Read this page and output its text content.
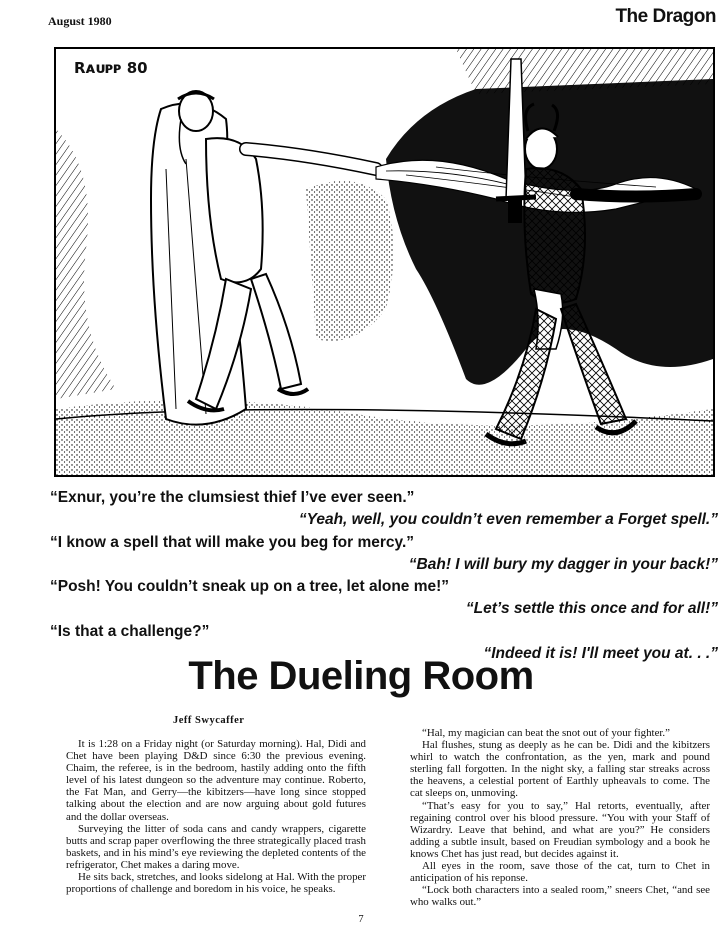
August 1980	The Dragon
Rᴀᴜᴘᴘ 80
“Exnur, you’re the clumsiest thief I’ve ever seen.”
“Yeah, well, you couldn’t even remember a Forget spell.”
“I know a spell that will make you beg for mercy.”
“Bah! I will bury my dagger in your back!”
“Posh! You couldn’t sneak up on a tree, let alone me!”
“Let’s settle this once and for all!”
“Is that a challenge?”
“Indeed it is! I'll meet you at. . .”
The Dueling Room
Jeff Swycaffer

It is 1:28 on a Friday night (or Saturday morning). Hal, Didi and Chet have been playing D&D since 6:30 the previous evening. Chaim, the referee, is in the bedroom, hastily adding onto the fifth level of his latest dungeon so the adventure may continue. Roberto, the Fat Man, and Gerry—the kibitzers—have long since stopped talking about the election and are now arguing about gold futures and the dollar overseas.

Surveying the litter of soda cans and candy wrappers, cigarette butts and scrap paper overflowing the three strategically placed trash baskets, and in his mind’s eye reviewing the depleted contents of the refrigerator, Chet makes a daring move.

He sits back, stretches, and looks sidelong at Hal. With the proper proportions of challenge and boredom in his voice, he speaks.

“Hal, my magician can beat the snot out of your fighter.”

Hal flushes, stung as deeply as he can be. Didi and the kibitzers whirl to watch the confrontation, as the yen, mark and pound sterling fall forgotten. In the night sky, a falling star streaks across the heavens, a celestial portent of Earthly upheavals to come. The cat sleeps on, unmoving.

“That’s easy for you to say,” Hal retorts, eventually, after regaining control over his blood pressure. “You with your Staff of Wizardry. Leave that behind, and what are you?” He considers adding a subtle insult, based on Freudian symbology and a book he knows Chet has just read, but decides against it.

All eyes in the room, save those of the cat, turn to Chet in anticipation of his reponse.

“Lock both characters into a sealed room,” sneers Chet, “and see who walks out.”

7
